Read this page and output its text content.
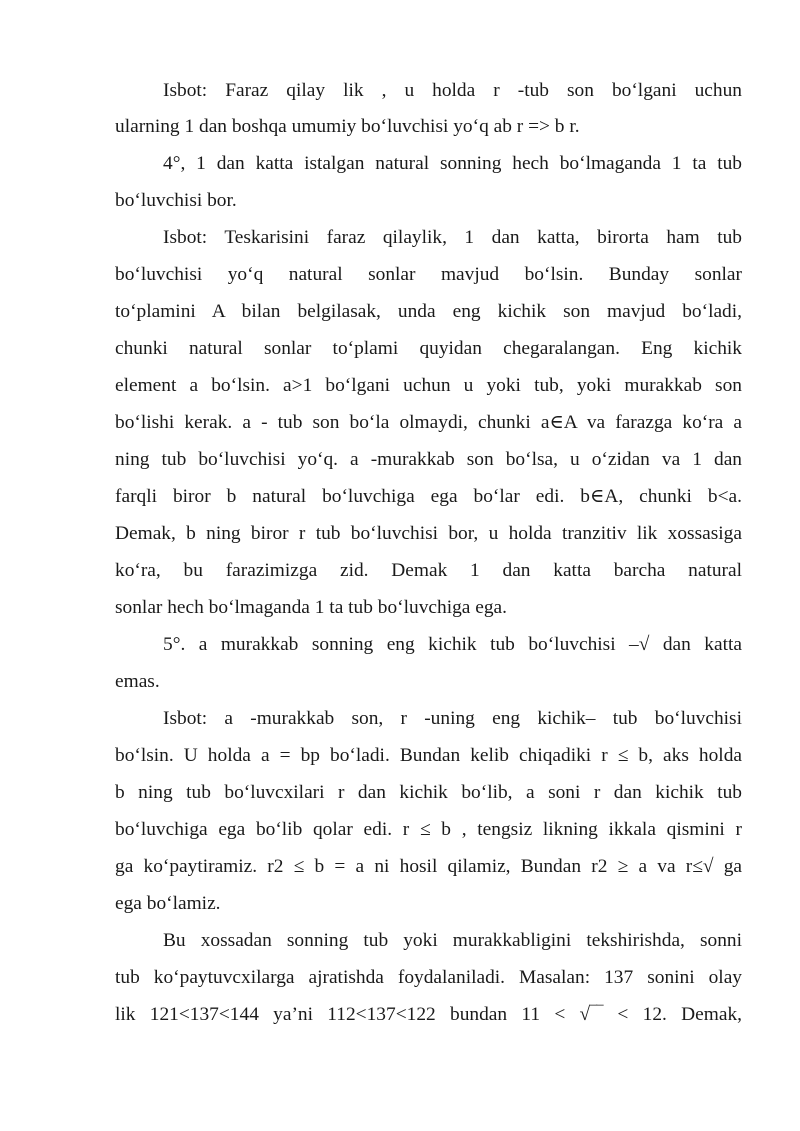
Isbot: Faraz qilay lik , u holda r -tub son bo‘lgani uchun

ularning 1 dan boshqa umumiy bo‘luvchisi yo‘q ab r => b r.

4°, 1 dan katta istalgan natural sonning hech bo‘lmaganda 1 ta tub

bo‘luvchisi bor.

Isbot: Teskarisini faraz qilaylik, 1 dan katta, birorta ham tub

bo‘luvchisi yo‘q natural sonlar mavjud bo‘lsin. Bunday sonlar

to‘plamini A bilan belgilasak, unda eng kichik son mavjud bo‘ladi,

chunki natural sonlar to‘plami quyidan chegaralangan. Eng kichik

element a bo‘lsin. a>1 bo‘lgani uchun u yoki tub, yoki murakkab son

bo‘lishi kerak. a - tub son bo‘la olmaydi, chunki a∈A va farazga ko‘ra a

ning tub bo‘luvchisi yo‘q. a -murakkab son bo‘lsa, u o‘zidan va 1 dan

farqli biror b natural bo‘luvchiga ega bo‘lar edi. b∈A, chunki b<a.

Demak, b ning biror r tub bo‘luvchisi bor, u holda tranzitiv lik xossasiga

ko‘ra, bu farazimizga zid. Demak 1 dan katta barcha natural

sonlar hech bo‘lmaganda 1 ta tub bo‘luvchiga ega.

5°. a murakkab sonning eng kichik tub bo‘luvchisi –√ dan katta

emas.

Isbot: a -murakkab son, r -uning eng kichik– tub bo‘luvchisi

bo‘lsin. U holda a = bp bo‘ladi. Bundan kelib chiqadiki r ≤ b, aks holda

b ning tub bo‘luvcxilari r dan kichik bo‘lib, a soni r dan kichik tub

bo‘luvchiga ega bo‘lib qolar edi. r ≤ b , tengsiz likning ikkala qismini r

ga ko‘paytiramiz. r2 ≤ b = a ni hosil qilamiz, Bundan r2 ≥ a va r≤√ ga

ega bo‘lamiz.

Bu xossadan sonning tub yoki murakkabligini tekshirishda, sonni

tub ko‘paytuvcxilarga ajratishda foydalaniladi. Masalan: 137 sonini olay

lik 121<137<144 ya’ni 112<137<122 bundan 11 < √‾‾ < 12. Demak,
